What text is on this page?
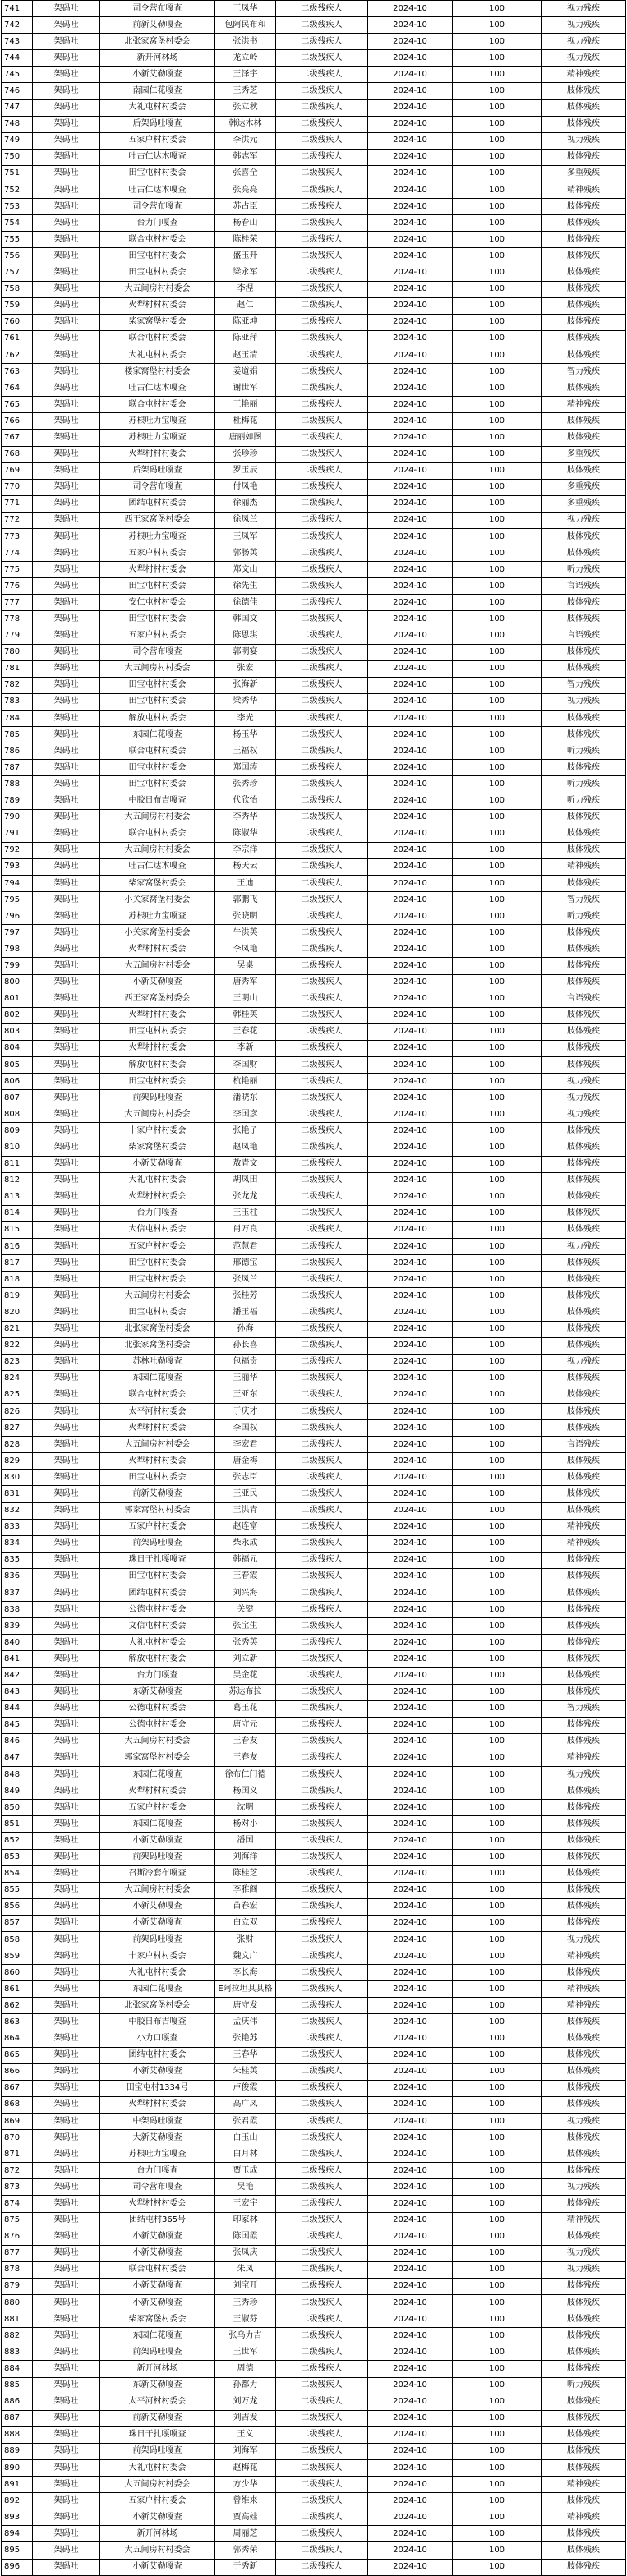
741	架码吐	司令营布嘎查	王凤华	二级残疾人	2024-10	100	视力残疾
742	架码吐	前新艾勒嘎查	包阿民布和	二级残疾人	2024-10	100	视力残疾
743	架码吐	北张家窝堡村委会	张洪书	二级残疾人	2024-10	100	视力残疾
744	架码吐	新开河林场	龙立岭	二级残疾人	2024-10	100	视力残疾
745	架码吐	小新艾勒嘎查	王泽宇	二级残疾人	2024-10	100	精神残疾
746	架码吐	南园仁花嘎查	王秀芝	二级残疾人	2024-10	100	肢体残疾
747	架码吐	大礼屯村村委会	张立秋	二级残疾人	2024-10	100	肢体残疾
748	架码吐	后架码吐嘎查	韩达木林	二级残疾人	2024-10	100	肢体残疾
749	架码吐	五家户村村委会	李洪元	二级残疾人	2024-10	100	视力残疾
750	架码吐	吐古仁达木嘎查	韩志军	二级残疾人	2024-10	100	肢体残疾
751	架码吐	田宝屯村村委会	张喜全	二级残疾人	2024-10	100	多重残疾
752	架码吐	吐古仁达木嘎查	张亮亮	二级残疾人	2024-10	100	精神残疾
753	架码吐	司令营布嘎查	苏占臣	二级残疾人	2024-10	100	肢体残疾
754	架码吐	台力门嘎查	杨春山	二级残疾人	2024-10	100	肢体残疾
755	架码吐	联合屯村村委会	陈桂荣	二级残疾人	2024-10	100	肢体残疾
756	架码吐	田宝屯村村委会	盛玉开	二级残疾人	2024-10	100	肢体残疾
757	架码吐	田宝屯村村委会	梁永军	二级残疾人	2024-10	100	肢体残疾
758	架码吐	大五间房村村委会	李涅	二级残疾人	2024-10	100	肢体残疾
759	架码吐	火犁村村村委会	赵仁	二级残疾人	2024-10	100	肢体残疾
760	架码吐	柴家窝堡村委会	陈亚坤	二级残疾人	2024-10	100	肢体残疾
761	架码吐	联合屯村村委会	陈亚萍	二级残疾人	2024-10	100	肢体残疾
762	架码吐	大礼屯村村委会	赵玉清	二级残疾人	2024-10	100	肢体残疾
763	架码吐	楼家窝堡村村委会	姜道娟	二级残疾人	2024-10	100	智力残疾
764	架码吐	吐古仁达木嘎查	谢世军	二级残疾人	2024-10	100	肢体残疾
765	架码吐	联合屯村村委会	王艳丽	二级残疾人	2024-10	100	精神残疾
766	架码吐	苏根吐力宝嘎查	杜梅花	二级残疾人	2024-10	100	肢体残疾
767	架码吐	苏根吐力宝嘎查	唐丽如图	二级残疾人	2024-10	100	肢体残疾
768	架码吐	火犁村村村委会	张珍珍	二级残疾人	2024-10	100	多重残疾
769	架码吐	后架码吐嘎查	罗玉辰	二级残疾人	2024-10	100	肢体残疾
770	架码吐	司令营布嘎查	付凤艳	二级残疾人	2024-10	100	多重残疾
771	架码吐	团结屯村村委会	徐丽杰	二级残疾人	2024-10	100	多重残疾
772	架码吐	西王家窝堡村委会	徐凤兰	二级残疾人	2024-10	100	视力残疾
773	架码吐	苏根吐力宝嘎查	王凤军	二级残疾人	2024-10	100	肢体残疾
774	架码吐	五家户村村委会	郭肠英	二级残疾人	2024-10	100	肢体残疾
775	架码吐	火犁村村村委会	郑文山	二级残疾人	2024-10	100	听力残疾
776	架码吐	田宝屯村村委会	徐先生	二级残疾人	2024-10	100	言语残疾
777	架码吐	安仁屯村村委会	徐德佳	二级残疾人	2024-10	100	肢体残疾
778	架码吐	田宝屯村村委会	韩国文	二级残疾人	2024-10	100	肢体残疾
779	架码吐	五家户村村委会	陈思琪	二级残疾人	2024-10	100	言语残疾
780	架码吐	司令营布嘎查	郭明宴	二级残疾人	2024-10	100	肢体残疾
781	架码吐	大五间房村村委会	张宏	二级残疾人	2024-10	100	肢体残疾
782	架码吐	田宝屯村村委会	张海新	二级残疾人	2024-10	100	智力残疾
783	架码吐	田宝屯村村委会	梁秀华	二级残疾人	2024-10	100	视力残疾
784	架码吐	解放屯村村委会	李光	二级残疾人	2024-10	100	肢体残疾
785	架码吐	东园仁花嘎查	杨玉华	二级残疾人	2024-10	100	肢体残疾
786	架码吐	联合屯村村委会	王福权	二级残疾人	2024-10	100	听力残疾
787	架码吐	田宝屯村村委会	郑国涛	二级残疾人	2024-10	100	肢体残疾
788	架码吐	田宝屯村村委会	张秀珍	二级残疾人	2024-10	100	听力残疾
789	架码吐	中胶日布吉嘎查	代欣怡	二级残疾人	2024-10	100	听力残疾
790	架码吐	大五间房村村委会	李秀华	二级残疾人	2024-10	100	肢体残疾
791	架码吐	联合屯村村委会	陈淑华	二级残疾人	2024-10	100	肢体残疾
792	架码吐	大五间房村村委会	李宗洋	二级残疾人	2024-10	100	肢体残疾
793	架码吐	吐古仁达木嘎查	杨天云	二级残疾人	2024-10	100	精神残疾
794	架码吐	柴家窝堡村委会	王迪	二级残疾人	2024-10	100	肢体残疾
795	架码吐	小关家窝堡村委会	郭鹏飞	二级残疾人	2024-10	100	智力残疾
796	架码吐	苏根吐力宝嘎查	张晓明	二级残疾人	2024-10	100	听力残疾
797	架码吐	小关家窝堡村委会	牛洪英	二级残疾人	2024-10	100	肢体残疾
798	架码吐	火犁村村村委会	李凤艳	二级残疾人	2024-10	100	肢体残疾
799	架码吐	大五间房村村委会	吴桌	二级残疾人	2024-10	100	肢体残疾
800	架码吐	小新艾勒嘎查	唐秀军	二级残疾人	2024-10	100	肢体残疾
801	架码吐	西王家窝堡村委会	王明山	二级残疾人	2024-10	100	言语残疾
802	架码吐	火犁村村村委会	韩桂英	二级残疾人	2024-10	100	肢体残疾
803	架码吐	田宝屯村村委会	王春花	二级残疾人	2024-10	100	肢体残疾
804	架码吐	火犁村村村委会	李新	二级残疾人	2024-10	100	肢体残疾
805	架码吐	解放屯村村委会	李国财	二级残疾人	2024-10	100	肢体残疾
806	架码吐	田宝屯村村委会	杭艳丽	二级残疾人	2024-10	100	视力残疾
807	架码吐	前架码吐嘎查	潘晓东	二级残疾人	2024-10	100	视力残疾
808	架码吐	大五间房村村委会	李国彦	二级残疾人	2024-10	100	视力残疾
809	架码吐	十家户村村委会	张艳子	二级残疾人	2024-10	100	肢体残疾
810	架码吐	柴家窝堡村委会	赵凤艳	二级残疾人	2024-10	100	肢体残疾
811	架码吐	小新艾勒嘎查	敖青文	二级残疾人	2024-10	100	肢体残疾
812	架码吐	大礼屯村村委会	胡凤田	二级残疾人	2024-10	100	肢体残疾
813	架码吐	火犁村村村委会	张龙龙	二级残疾人	2024-10	100	肢体残疾
814	架码吐	台力门嘎查	王玉柱	二级残疾人	2024-10	100	肢体残疾
815	架码吐	大信屯村村委会	肖万良	二级残疾人	2024-10	100	肢体残疾
816	架码吐	五家户村村委会	范慧君	二级残疾人	2024-10	100	视力残疾
817	架码吐	田宝屯村村委会	邢德宝	二级残疾人	2024-10	100	肢体残疾
818	架码吐	田宝屯村村委会	张凤兰	二级残疾人	2024-10	100	肢体残疾
819	架码吐	大五间房村村委会	张桂芳	二级残疾人	2024-10	100	肢体残疾
820	架码吐	田宝屯村村委会	潘玉福	二级残疾人	2024-10	100	肢体残疾
821	架码吐	北张家窝堡村委会	孙海	二级残疾人	2024-10	100	肢体残疾
822	架码吐	北张家窝堡村委会	孙长喜	二级残疾人	2024-10	100	肢体残疾
823	架码吐	苏林吐勒嘎查	包福贵	二级残疾人	2024-10	100	视力残疾
824	架码吐	东园仁花嘎查	王丽华	二级残疾人	2024-10	100	肢体残疾
825	架码吐	联合屯村村委会	王亚东	二级残疾人	2024-10	100	肢体残疾
826	架码吐	太平河村村委会	于庆才	二级残疾人	2024-10	100	肢体残疾
827	架码吐	火犁村村村委会	李国权	二级残疾人	2024-10	100	肢体残疾
828	架码吐	大五间房村村委会	李宏君	二级残疾人	2024-10	100	言语残疾
829	架码吐	火犁村村村委会	唐金梅	二级残疾人	2024-10	100	肢体残疾
830	架码吐	田宝屯村村委会	张志臣	二级残疾人	2024-10	100	肢体残疾
831	架码吐	前新艾勒嘎查	王亚民	二级残疾人	2024-10	100	肢体残疾
832	架码吐	郭家窝堡村村委会	王洪青	二级残疾人	2024-10	100	肢体残疾
833	架码吐	五家户村村委会	赵连富	二级残疾人	2024-10	100	精神残疾
834	架码吐	前架码吐嘎查	柴永成	二级残疾人	2024-10	100	精神残疾
835	架码吐	珠日干扎嘎嘎查	韩福元	二级残疾人	2024-10	100	肢体残疾
836	架码吐	田宝屯村村委会	王春霞	二级残疾人	2024-10	100	肢体残疾
837	架码吐	团结屯村村委会	刘兴海	二级残疾人	2024-10	100	肢体残疾
838	架码吐	公德屯村村委会	关键	二级残疾人	2024-10	100	肢体残疾
839	架码吐	文信屯村村委会	张宝生	二级残疾人	2024-10	100	肢体残疾
840	架码吐	大礼屯村村委会	张秀英	二级残疾人	2024-10	100	肢体残疾
841	架码吐	解放屯村村委会	刘立新	二级残疾人	2024-10	100	肢体残疾
842	架码吐	台力门嘎查	吴金花	二级残疾人	2024-10	100	肢体残疾
843	架码吐	东新艾勒嘎查	苏达布拉	二级残疾人	2024-10	100	肢体残疾
844	架码吐	公德屯村村委会	葛玉花	二级残疾人	2024-10	100	智力残疾
845	架码吐	公德屯村村委会	唐守元	二级残疾人	2024-10	100	肢体残疾
846	架码吐	大五间房村村委会	王春友	二级残疾人	2024-10	100	肢体残疾
847	架码吐	郭家窝堡村村委会	王春友	二级残疾人	2024-10	100	精神残疾
848	架码吐	东园仁花嘎查	徐布仁门德	二级残疾人	2024-10	100	视力残疾
849	架码吐	火犁村村村委会	杨国义	二级残疾人	2024-10	100	肢体残疾
850	架码吐	五家户村村委会	沈明	二级残疾人	2024-10	100	肢体残疾
851	架码吐	东园仁花嘎查	杨对小	二级残疾人	2024-10	100	肢体残疾
852	架码吐	小新艾勒嘎查	潘国	二级残疾人	2024-10	100	肢体残疾
853	架码吐	前架码吐嘎查	刘海洋	二级残疾人	2024-10	100	肢体残疾
854	架码吐	召斯冷套布嘎查	陈桂芝	二级残疾人	2024-10	100	肢体残疾
855	架码吐	大五间房村村委会	李雅阁	二级残疾人	2024-10	100	肢体残疾
856	架码吐	小新艾勒嘎查	苗春宏	二级残疾人	2024-10	100	肢体残疾
857	架码吐	小新艾勒嘎查	白立双	二级残疾人	2024-10	100	肢体残疾
858	架码吐	前架码吐嘎查	张财	二级残疾人	2024-10	100	视力残疾
859	架码吐	十家户村村委会	魏文广	二级残疾人	2024-10	100	精神残疾
860	架码吐	大礼屯村村委会	李长海	二级残疾人	2024-10	100	肢体残疾
861	架码吐	东园仁花嘎查	E阿拉坦其其格	二级残疾人	2024-10	100	精神残疾
862	架码吐	北张家窝堡村委会	唐守发	二级残疾人	2024-10	100	精神残疾
863	架码吐	中胶日布吉嘎查	孟庆伟	二级残疾人	2024-10	100	肢体残疾
864	架码吐	小力口嘎查	张艳苏	二级残疾人	2024-10	100	肢体残疾
865	架码吐	团结屯村村委会	王春华	二级残疾人	2024-10	100	肢体残疾
866	架码吐	小新艾勒嘎查	朱桂英	二级残疾人	2024-10	100	肢体残疾
867	架码吐	田宝屯村1334号	卢俊霞	二级残疾人	2024-10	100	肢体残疾
868	架码吐	火犁村村村委会	高广凤	二级残疾人	2024-10	100	肢体残疾
869	架码吐	中架码吐嘎查	张君霞	二级残疾人	2024-10	100	视力残疾
870	架码吐	大新艾勒嘎查	白玉山	二级残疾人	2024-10	100	肢体残疾
871	架码吐	苏根吐力宝嘎查	白月林	二级残疾人	2024-10	100	肢体残疾
872	架码吐	台力门嘎查	贾玉成	二级残疾人	2024-10	100	肢体残疾
873	架码吐	司令营布嘎查	吴艳	二级残疾人	2024-10	100	视力残疾
874	架码吐	火犁村村村委会	王宏宇	二级残疾人	2024-10	100	肢体残疾
875	架码吐	团结屯村365号	印家林	二级残疾人	2024-10	100	精神残疾
876	架码吐	小新艾勒嘎查	陈国霞	二级残疾人	2024-10	100	肢体残疾
877	架码吐	小新艾勒嘎查	张凤庆	二级残疾人	2024-10	100	视力残疾
878	架码吐	联合屯村村委会	朱凤	二级残疾人	2024-10	100	视力残疾
879	架码吐	小新艾勒嘎查	刘宝开	二级残疾人	2024-10	100	肢体残疾
880	架码吐	小新艾勒嘎查	王秀珍	二级残疾人	2024-10	100	肢体残疾
881	架码吐	柴家窝堡村委会	王淑芬	二级残疾人	2024-10	100	肢体残疾
882	架码吐	东园仁花嘎查	张乌力吉	二级残疾人	2024-10	100	肢体残疾
883	架码吐	前架码吐嘎查	王世军	二级残疾人	2024-10	100	肢体残疾
884	架码吐	新开河林场	周德	二级残疾人	2024-10	100	肢体残疾
885	架码吐	东新艾勒嘎查	孙都力	二级残疾人	2024-10	100	听力残疾
886	架码吐	太平河村村委会	刘万龙	二级残疾人	2024-10	100	肢体残疾
887	架码吐	前新艾勒嘎查	刘吉发	二级残疾人	2024-10	100	肢体残疾
888	架码吐	珠日干扎嘎嘎查	王义	二级残疾人	2024-10	100	肢体残疾
889	架码吐	前架码吐嘎查	刘海军	二级残疾人	2024-10	100	肢体残疾
890	架码吐	大礼屯村村委会	赵梅花	二级残疾人	2024-10	100	肢体残疾
891	架码吐	大五间房村村委会	方少华	二级残疾人	2024-10	100	精神残疾
892	架码吐	五家户村村委会	曾维来	二级残疾人	2024-10	100	肢体残疾
893	架码吐	小新艾勒嘎查	贾高娃	二级残疾人	2024-10	100	精神残疾
894	架码吐	新开河林场	周丽芝	二级残疾人	2024-10	100	肢体残疾
895	架码吐	大五间房村村委会	郭秀荣	二级残疾人	2024-10	100	肢体残疾
896	架码吐	小新艾勒嘎查	于秀新	二级残疾人	2024-10	100	肢体残疾
